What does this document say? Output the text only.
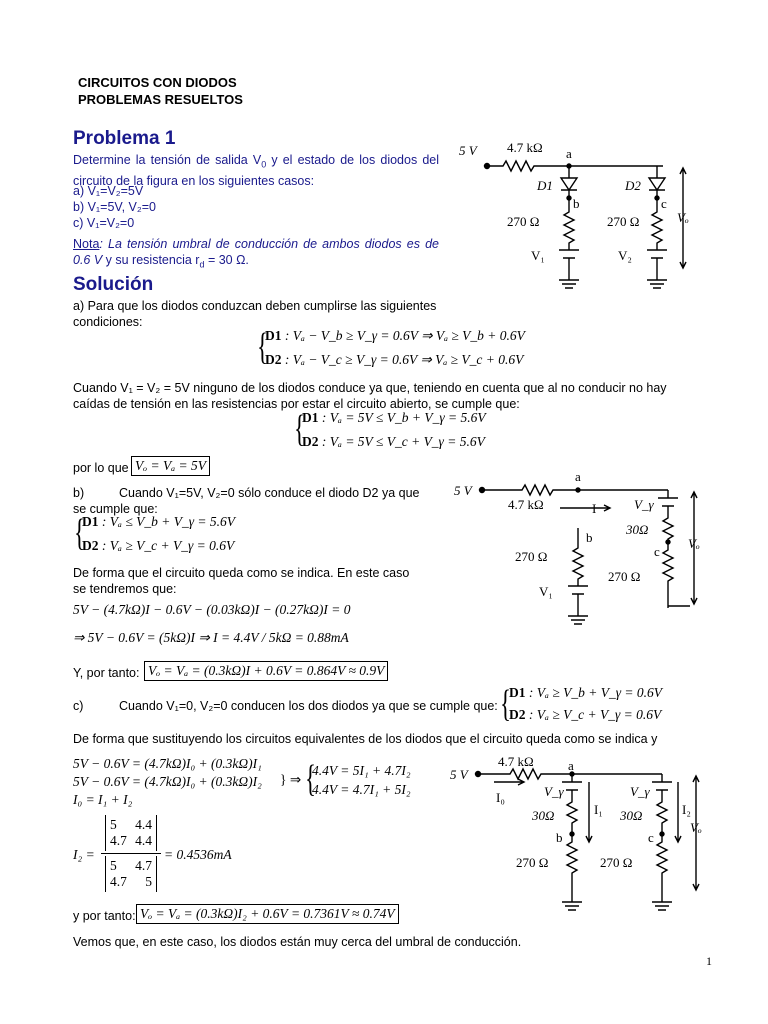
CIRCUITOS CON DIODOS
PROBLEMAS RESUELTOS
Problema 1
Determine la tensión de salida $V_0$ y el estado de los diodos del circuito de la figura en los siguientes casos:
a) V₁=V₂=5V
b) V₁=5V, V₂=0
c) V₁=V₂=0
Nota: La tensión umbral de conducción de ambos diodos es de 0.6 V y su resistencia $r_d = 30$ Ω.
5 V 4.7 kΩ a
D1	D2
b	c
270 Ω	270 Ω
V₁	V₂
Vₒ
Solución
a) Para que los diodos conduzcan deben cumplirse las siguientes condiciones:
{
D1 : Vₐ − V_b ≥ V_γ = 0.6V ⇒ Vₐ ≥ V_b + 0.6V
D2 : Vₐ − V_c ≥ V_γ = 0.6V ⇒ Vₐ ≥ V_c + 0.6V
Cuando V₁ = V₂ = 5V ninguno de los diodos conduce ya que, teniendo en cuenta que al no conducir no hay caídas de tensión en las resistencias por estar el circuito abierto, se cumple que:
{
D1 : Vₐ = 5V ≤ V_b + V_γ = 5.6V
D2 : Vₐ = 5V ≤ V_c + V_γ = 5.6V
por lo que Vₒ = Vₐ = 5V
b)	Cuando V₁=5V, V₂=0 sólo conduce el diodo D2 ya que se cumple que:
{
D1 : Vₐ ≤ V_b + V_γ = 5.6V
D2 : Vₐ ≥ V_c + V_γ = 0.6V
De forma que el circuito queda como se indica. En este caso se tendremos que:
5V − (4.7kΩ)I − 0.6V − (0.03kΩ)I − (0.27kΩ)I = 0
⇒ 5V − 0.6V = (5kΩ)I ⇒ I = 4.4V / 5kΩ = 0.88mA
5 V
4.7 kΩ
a
I	V_γ
30Ω
c
b
270 Ω
270 Ω
V₁
Vₒ
Y, por tanto: Vₒ = Vₐ = (0.3kΩ)I + 0.6V = 0.864V ≈ 0.9V
c)	Cuando V₁=0, V₂=0 conducen los dos diodos ya que se cumple que: {
D1 : Vₐ ≥ V_b + V_γ = 0.6V
D2 : Vₐ ≥ V_c + V_γ = 0.6V
De forma que sustituyendo los circuitos equivalentes de los diodos que el circuito queda como se indica y
5V − 0.6V = (4.7kΩ)I₀ + (0.3kΩ)I₁
5V − 0.6V = (4.7kΩ)I₀ + (0.3kΩ)I₂
I₀ = I₁ + I₂
} ⇒ {
4.4V = 5I₁ + 4.7I₂
4.4V = 4.7I₁ + 5I₂
I₂ =
5 4.4
4.7 4.4
5 4.7
4.7 5
= 0.4536mA
5 V
4.7 kΩ	a
I₀	V_γ	V_γ
I₁	I₂
30Ω	30Ω
b	c
270 Ω	270 Ω
Vₒ
y por tanto: Vₒ = Vₐ = (0.3kΩ)I₂ + 0.6V = 0.7361V ≈ 0.74V
Vemos que, en este caso, los diodos están muy cerca del umbral de conducción.
1
